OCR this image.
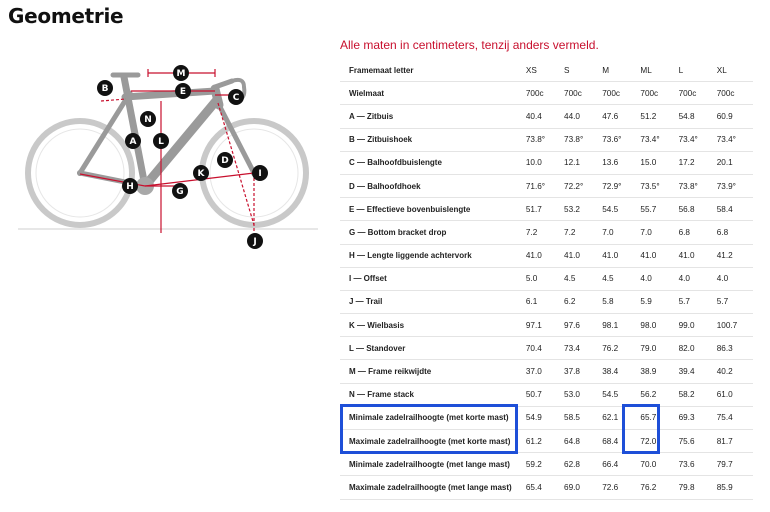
Geometrie
M
B	E
C
N
A L
D
K	I
H	G
J
Alle maten in centimeters, tenzij anders vermeld.
Framemaat letter	XS	S	M	ML	L	XL
Wielmaat	700c	700c	700c	700c	700c	700c
A — Zitbuis	40.4	44.0	47.6	51.2	54.8	60.9
B — Zitbuishoek	73.8°	73.8°	73.6°	73.4°	73.4°	73.4°
C — Balhoofdbuislengte	10.0	12.1	13.6	15.0	17.2	20.1
D — Balhoofdhoek	71.6°	72.2°	72.9°	73.5°	73.8°	73.9°
E — Effectieve bovenbuislengte	51.7	53.2	54.5	55.7	56.8	58.4
G — Bottom bracket drop	7.2	7.2	7.0	7.0	6.8	6.8
H — Lengte liggende achtervork	41.0	41.0	41.0	41.0	41.0	41.2
I — Offset	5.0	4.5	4.5	4.0	4.0	4.0
J — Trail	6.1	6.2	5.8	5.9	5.7	5.7
K — Wielbasis	97.1	97.6	98.1	98.0	99.0	100.7
L — Standover	70.4	73.4	76.2	79.0	82.0	86.3
M — Frame reikwijdte	37.0	37.8	38.4	38.9	39.4	40.2
N — Frame stack	50.7	53.0	54.5	56.2	58.2	61.0
Minimale zadelrailhoogte (met korte mast)	54.9	58.5	62.1	65.7	69.3	75.4
Maximale zadelrailhoogte (met korte mast)	61.2	64.8	68.4	72.0	75.6	81.7
Minimale zadelrailhoogte (met lange mast)	59.2	62.8	66.4	70.0	73.6	79.7
Maximale zadelrailhoogte (met lange mast)	65.4	69.0	72.6	76.2	79.8	85.9
